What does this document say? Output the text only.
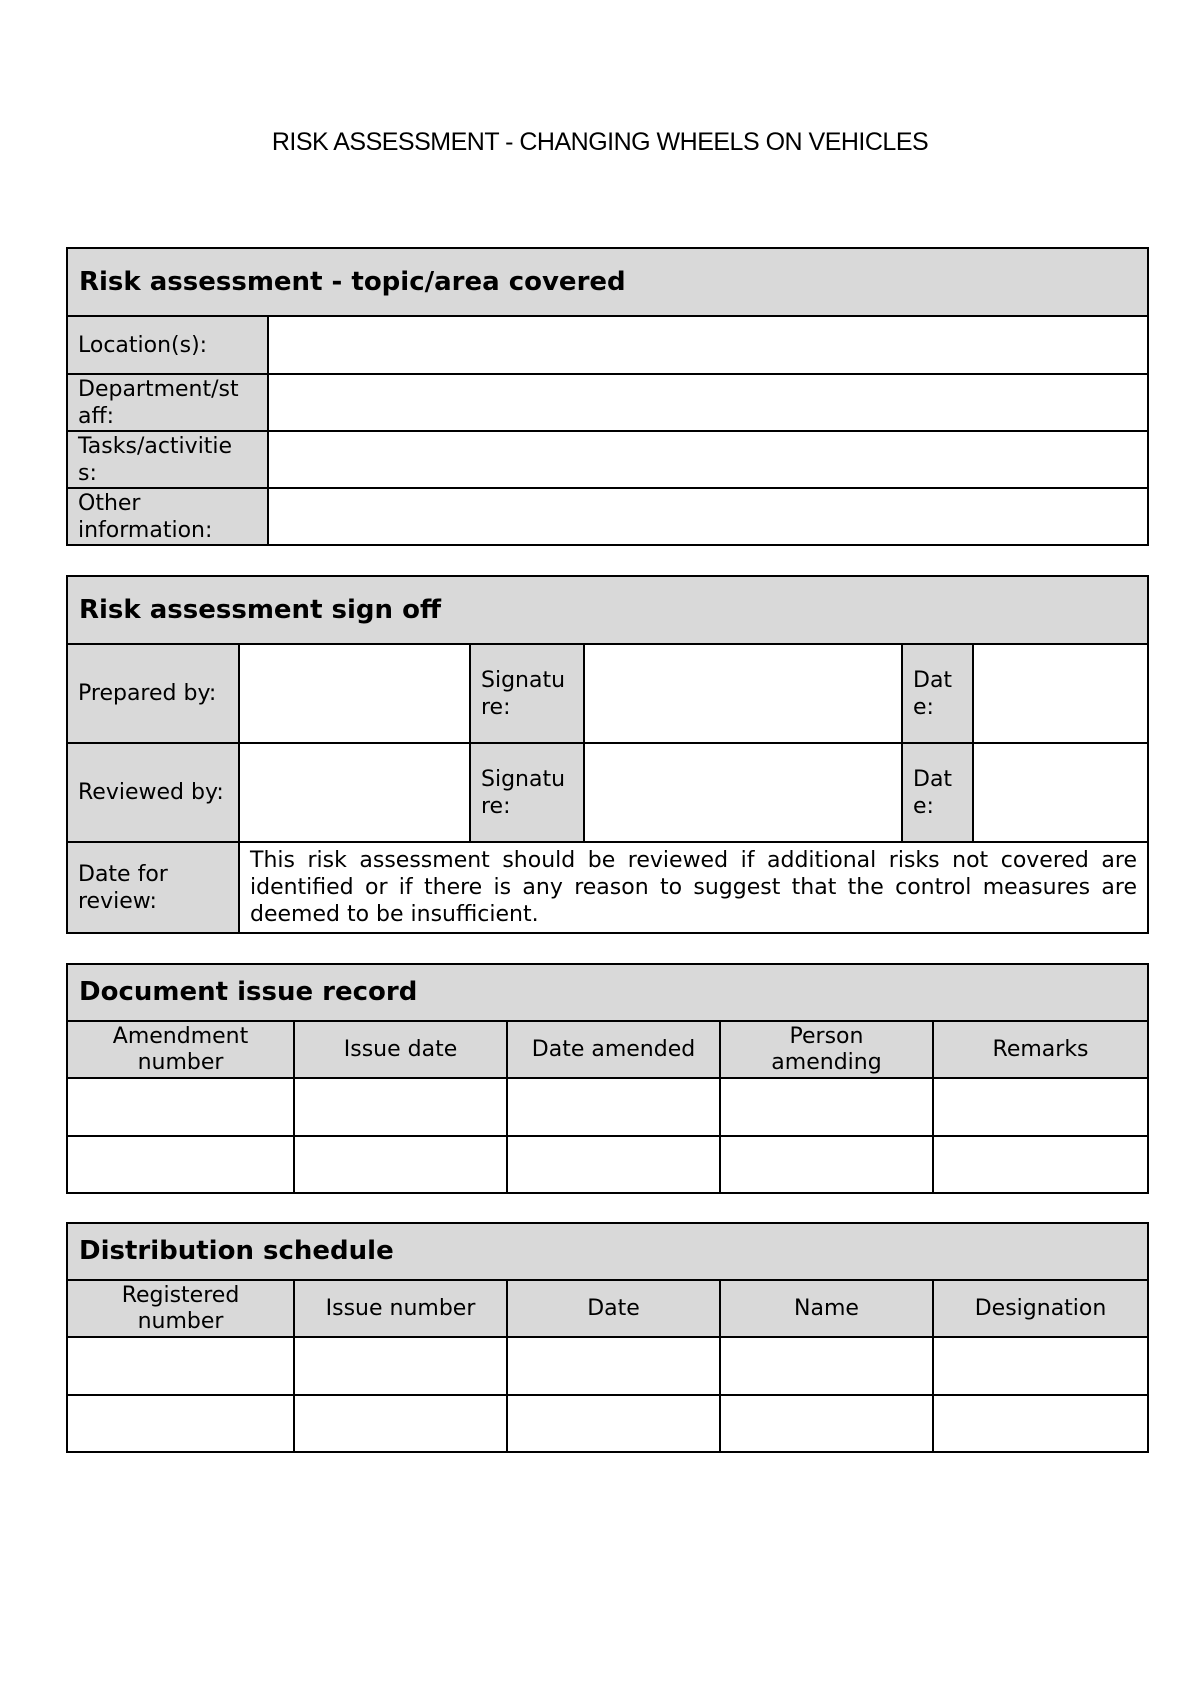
RISK ASSESSMENT - CHANGING WHEELS ON VEHICLES
Risk assessment - topic/area covered	
Location(s):	
Department/st aff:	
Tasks/activitie s:	
Other information:	
Risk assessment sign off					
Prepared by:		Signatu re:		Dat e:	
Reviewed by:		Signatu re:		Dat e:	
Date for review:	This risk assessment should be reviewed if additional risks not covered are identified or if there is any reason to suggest that the control measures are deemed to be insufficient.				
Document issue record				
Amendment number	Issue date	Date amended	Person amending	Remarks

Distribution schedule				
Registered number	Issue number	Date	Name	Designation
